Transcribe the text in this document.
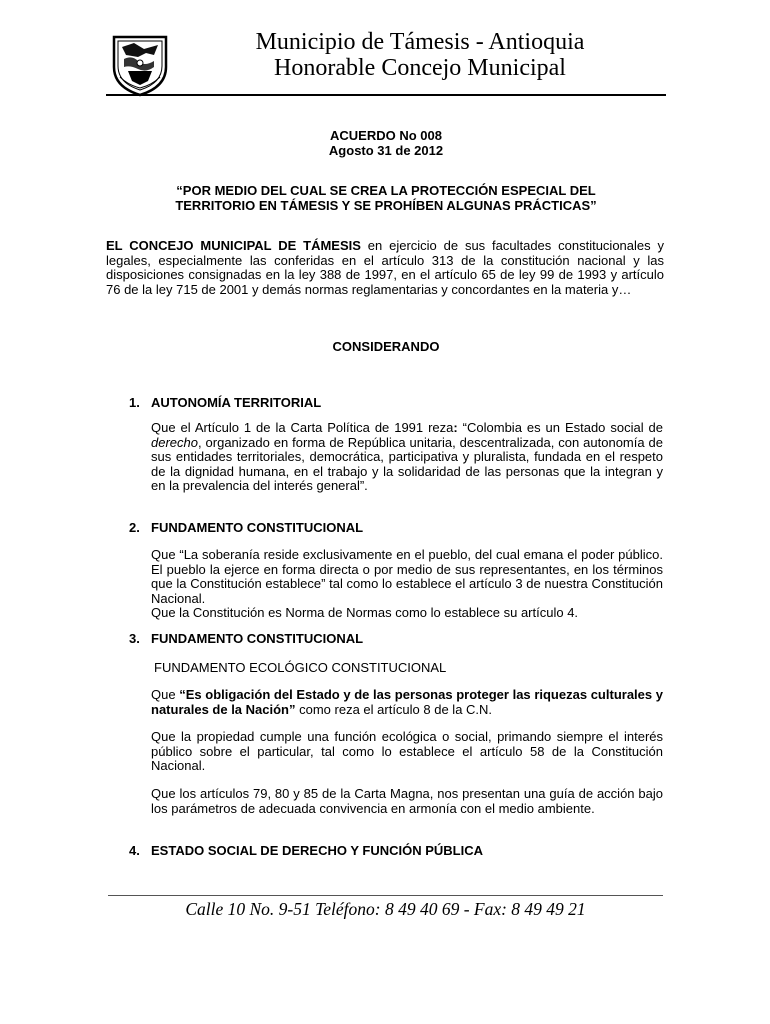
Municipio de Támesis - Antioquia
Honorable Concejo Municipal
ACUERDO No 008
Agosto 31 de 2012
“POR MEDIO DEL CUAL SE CREA LA PROTECCIÓN ESPECIAL DEL
TERRITORIO EN TÁMESIS Y SE PROHÍBEN ALGUNAS PRÁCTICAS”
EL CONCEJO MUNICIPAL DE TÁMESIS en ejercicio de sus facultades constitucionales y legales, especialmente las conferidas en el artículo 313 de la constitución nacional y las disposiciones consignadas en la ley 388 de 1997, en el artículo 65 de ley 99 de 1993 y artículo 76 de la ley 715 de 2001 y demás normas reglamentarias y concordantes en la materia y…
CONSIDERANDO
1. AUTONOMÍA TERRITORIAL
Que el Artículo 1 de la Carta Política de 1991 reza: “Colombia es un Estado social de derecho, organizado en forma de República unitaria, descentralizada, con autonomía de sus entidades territoriales, democrática, participativa y pluralista, fundada en el respeto de la dignidad humana, en el trabajo y la solidaridad de las personas que la integran y en la prevalencia del interés general”.
2. FUNDAMENTO CONSTITUCIONAL
Que “La soberanía reside exclusivamente en el pueblo, del cual emana el poder público. El pueblo la ejerce en forma directa o por medio de sus representantes, en los términos que la Constitución establece” tal como lo establece el artículo 3 de nuestra Constitución Nacional.
Que la Constitución es Norma de Normas como lo establece su artículo 4.
3. FUNDAMENTO CONSTITUCIONAL
FUNDAMENTO ECOLÓGICO CONSTITUCIONAL
Que “Es obligación del Estado y de las personas proteger las riquezas culturales y naturales de la Nación” como reza el artículo 8 de la C.N.
Que la propiedad cumple una función ecológica o social, primando siempre el interés público sobre el particular, tal como lo establece el artículo 58 de la Constitución Nacional.
Que los artículos 79, 80 y 85 de la Carta Magna, nos presentan una guía de acción bajo los parámetros de adecuada convivencia en armonía con el medio ambiente.
4. ESTADO SOCIAL DE DERECHO Y FUNCIÓN PÚBLICA
Calle 10 No. 9-51 Teléfono: 8 49 40 69 - Fax: 8 49 49 21
